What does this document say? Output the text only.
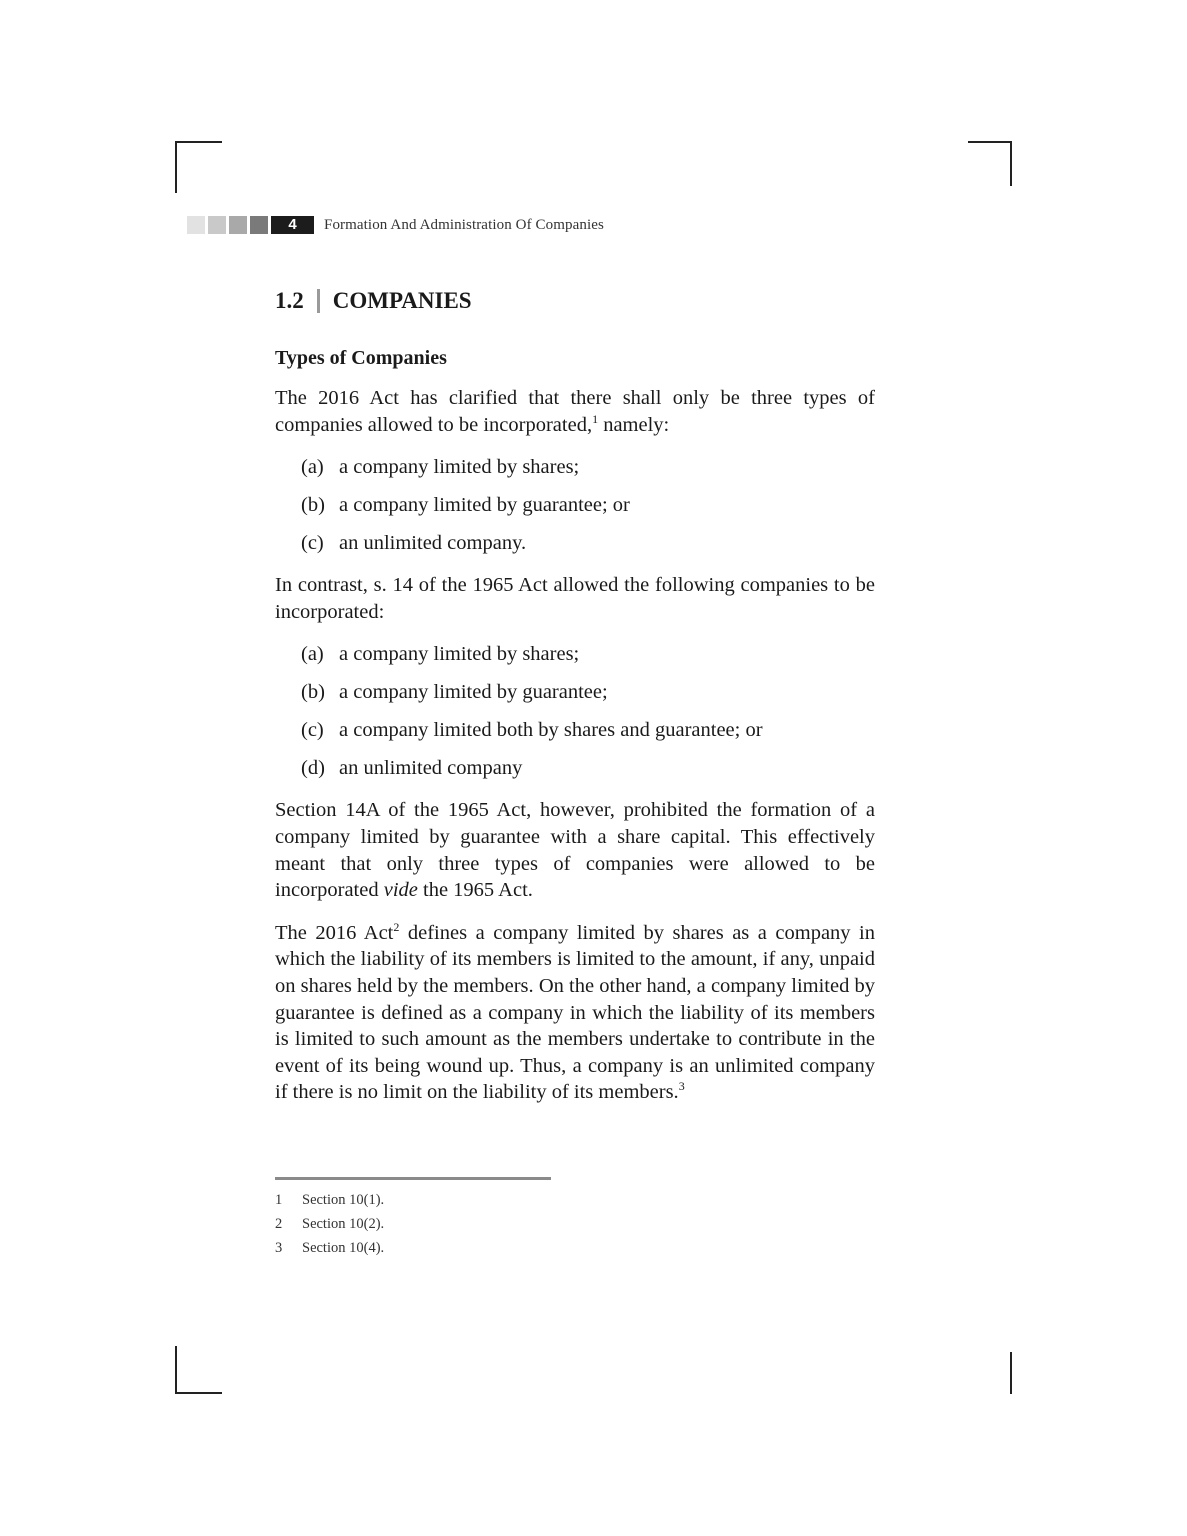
4	Formation And Administration Of Companies
1.2 COMPANIES
Types of Companies

The 2016 Act has clarified that there shall only be three types of companies allowed to be incorporated,$^1$ namely:

(a) a company limited by shares;
(b) a company limited by guarantee; or
(c) an unlimited company.

In contrast, s. 14 of the 1965 Act allowed the following companies to be incorporated:

(a) a company limited by shares;
(b) a company limited by guarantee;
(c) a company limited both by shares and guarantee; or
(d) an unlimited company

Section 14A of the 1965 Act, however, prohibited the formation of a company limited by guarantee with a share capital. This effectively meant that only three types of companies were allowed to be incorporated vide the 1965 Act.

The 2016 Act$^2$ defines a company limited by shares as a company in which the liability of its members is limited to the amount, if any, unpaid on shares held by the members. On the other hand, a company limited by guarantee is defined as a company in which the liability of its members is limited to such amount as the members undertake to contribute in the event of its being wound up. Thus, a company is an unlimited company if there is no limit on the liability of its members.$^3$

1	Section 10(1).
2	Section 10(2).
3	Section 10(4).
